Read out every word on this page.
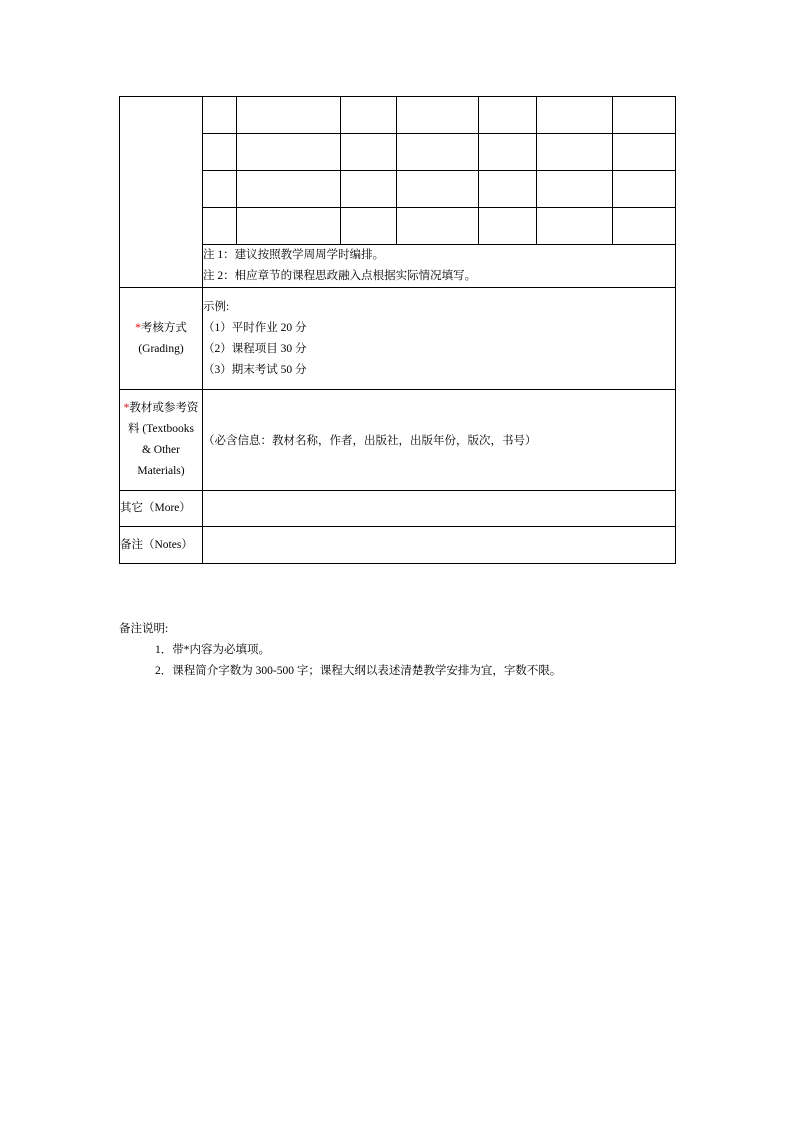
	注 1：建议按照教学周周学时编排。
注 2：相应章节的课程思政融入点根据实际情况填写。						

*考核方式
(Grading)	示例:
（1）平时作业 20 分
（2）课程项目 30 分
（3）期末考试 50 分						

*教材或参考资
料 (Textbooks
& Other
Materials)	（必含信息：教材名称，作者，出版社，出版年份，版次，书号）						
其它（More）							
备注（Notes）							
备注说明:
1．带*内容为必填项。
2．课程简介字数为 300-500 字；课程大纲以表述清楚教学安排为宜，字数不限。
